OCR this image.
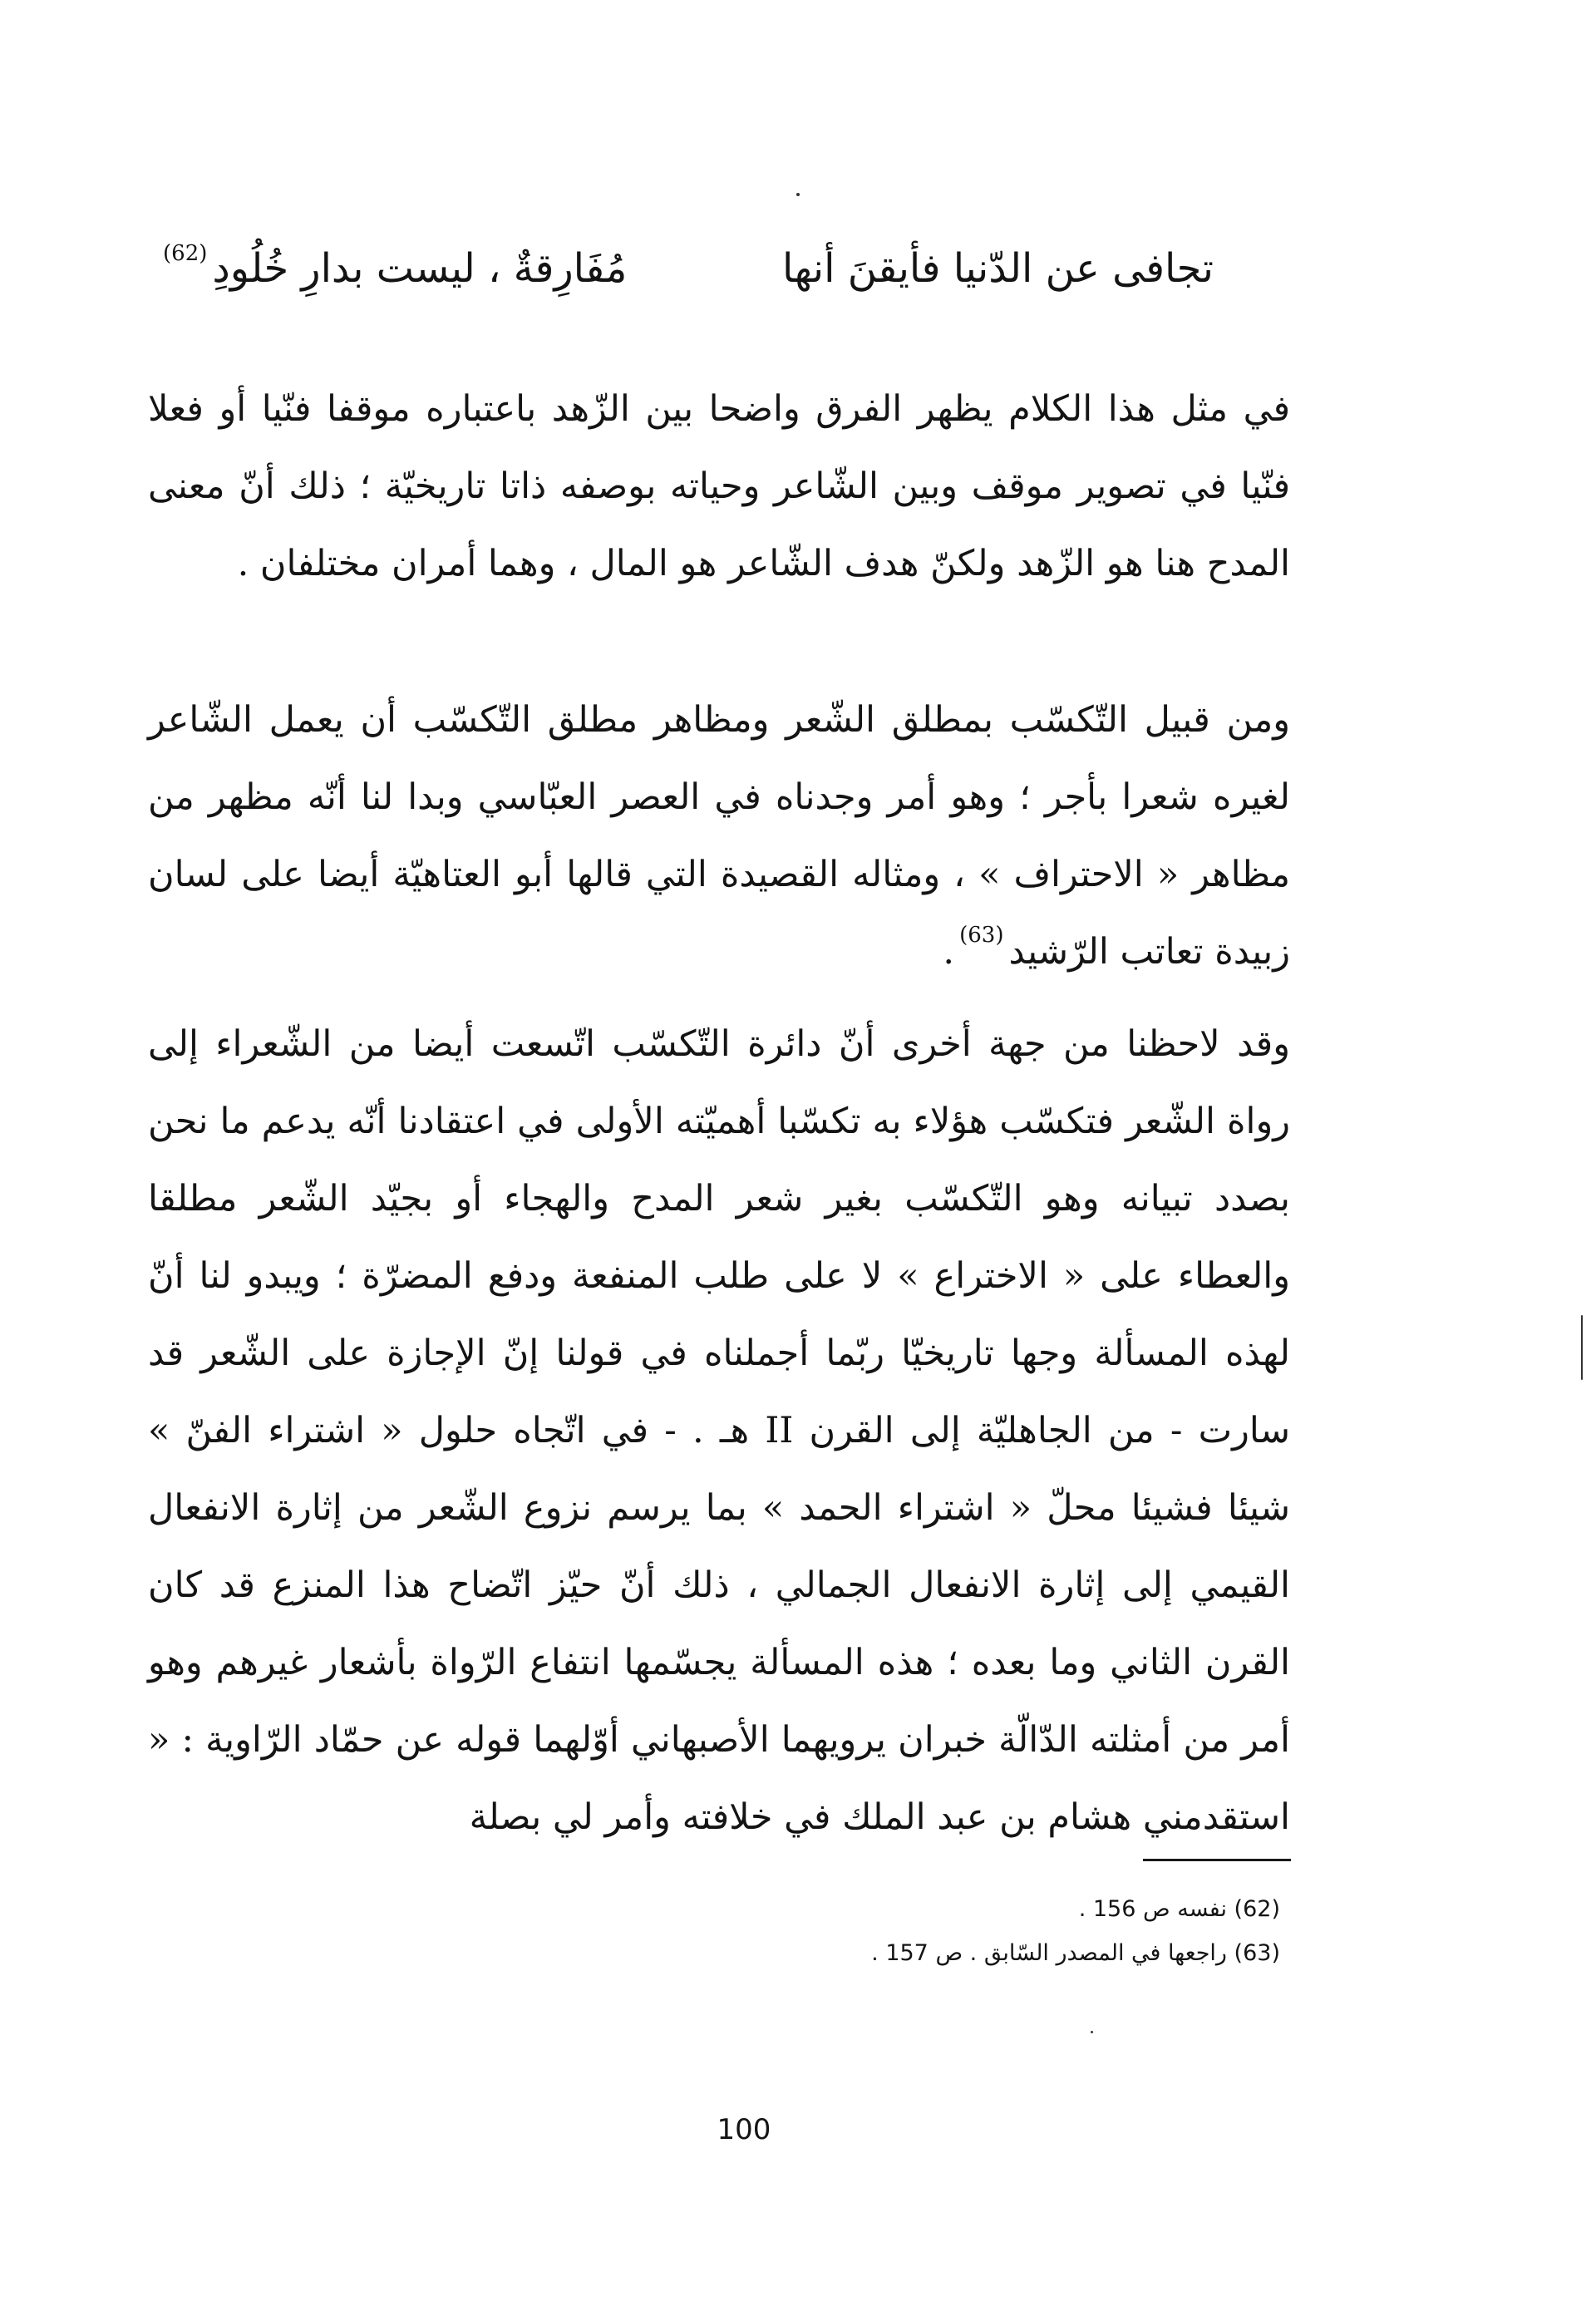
تجافى عن الدّنيا فأيقنَ أنها
مُفَارِقةٌ ، ليست بدارِ خُلُودِ$^{(62)}$

في مثل هذا الكلام يظهر الفرق واضحا بين الزّهد باعتباره موقفا فنّيا أو فعلا فنّيا في تصوير موقف وبين الشّاعر وحياته بوصفه ذاتا تاريخيّة ؛ ذلك أنّ معنى المدح هنا هو الزّهد ولكنّ هدف الشّاعر هو المال ، وهما أمران مختلفان .

ومن قبيل التّكسّب بمطلق الشّعر ومظاهر مطلق التّكسّب أن يعمل الشّاعر لغيره شعرا بأجر ؛ وهو أمر وجدناه في العصر العبّاسي وبدا لنا أنّه مظهر من مظاهر « الاحتراف » ، ومثاله القصيدة التي قالها أبو العتاهيّة أيضا على لسان زبيدة تعاتب الرّشيد$^{(63)}$.

وقد لاحظنا من جهة أخرى أنّ دائرة التّكسّب اتّسعت أيضا من الشّعراء إلى رواة الشّعر فتكسّب هؤلاء به تكسّبا أهميّته الأولى في اعتقادنا أنّه يدعم ما نحن بصدد تبيانه وهو التّكسّب بغير شعر المدح والهجاء أو بجيّد الشّعر مطلقا والعطاء على « الاختراع » لا على طلب المنفعة ودفع المضرّة ؛ ويبدو لنا أنّ لهذه المسألة وجها تاريخيّا ربّما أجملناه في قولنا إنّ الإجازة على الشّعر قد سارت - من الجاهليّة إلى القرن II هـ . - في اتّجاه حلول « اشتراء الفنّ » شيئا فشيئا محلّ « اشتراء الحمد » بما يرسم نزوع الشّعر من إثارة الانفعال القيمي إلى إثارة الانفعال الجمالي ، ذلك أنّ حيّز اتّضاح هذا المنزع قد كان القرن الثاني وما بعده ؛ هذه المسألة يجسّمها انتفاع الرّواة بأشعار غيرهم وهو أمر من أمثلته الدّالّة خبران يرويهما الأصبهاني أوّلهما قوله عن حمّاد الرّاوية : « استقدمني هشام بن عبد الملك في خلافته وأمر لي بصلة

(62) نفسه ص 156 .
(63) راجعها في المصدر السّابق . ص 157 .
100
